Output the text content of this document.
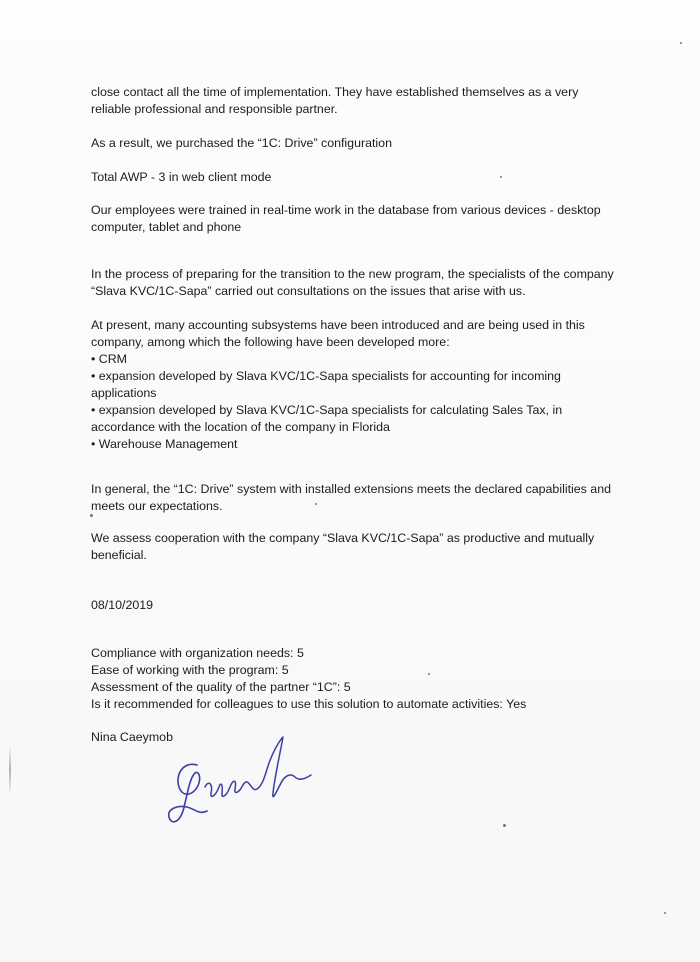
close contact all the time of implementation. They have established themselves as a very
reliable professional and responsible partner.

As a result, we purchased the “1C: Drive” configuration

Total AWP - 3 in web client mode

Our employees were trained in real-time work in the database from various devices - desktop
computer, tablet and phone

In the process of preparing for the transition to the new program, the specialists of the company
“Slava KVC/1C-Sapa” carried out consultations on the issues that arise with us.

At present, many accounting subsystems have been introduced and are being used in this
company, among which the following have been developed more:
• CRM
• expansion developed by Slava KVC/1C-Sapa specialists for accounting for incoming
applications
• expansion developed by Slava KVC/1C-Sapa specialists for calculating Sales Tax, in
accordance with the location of the company in Florida
• Warehouse Management

In general, the “1C: Drive” system with installed extensions meets the declared capabilities and
meets our expectations.

We assess cooperation with the company “Slava KVC/1C-Sapa” as productive and mutually
beneficial.

08/10/2019

Compliance with organization needs: 5
Ease of working with the program: 5
Assessment of the quality of the partner “1C”: 5
Is it recommended for colleagues to use this solution to automate activities: Yes

Nina Caeymob
